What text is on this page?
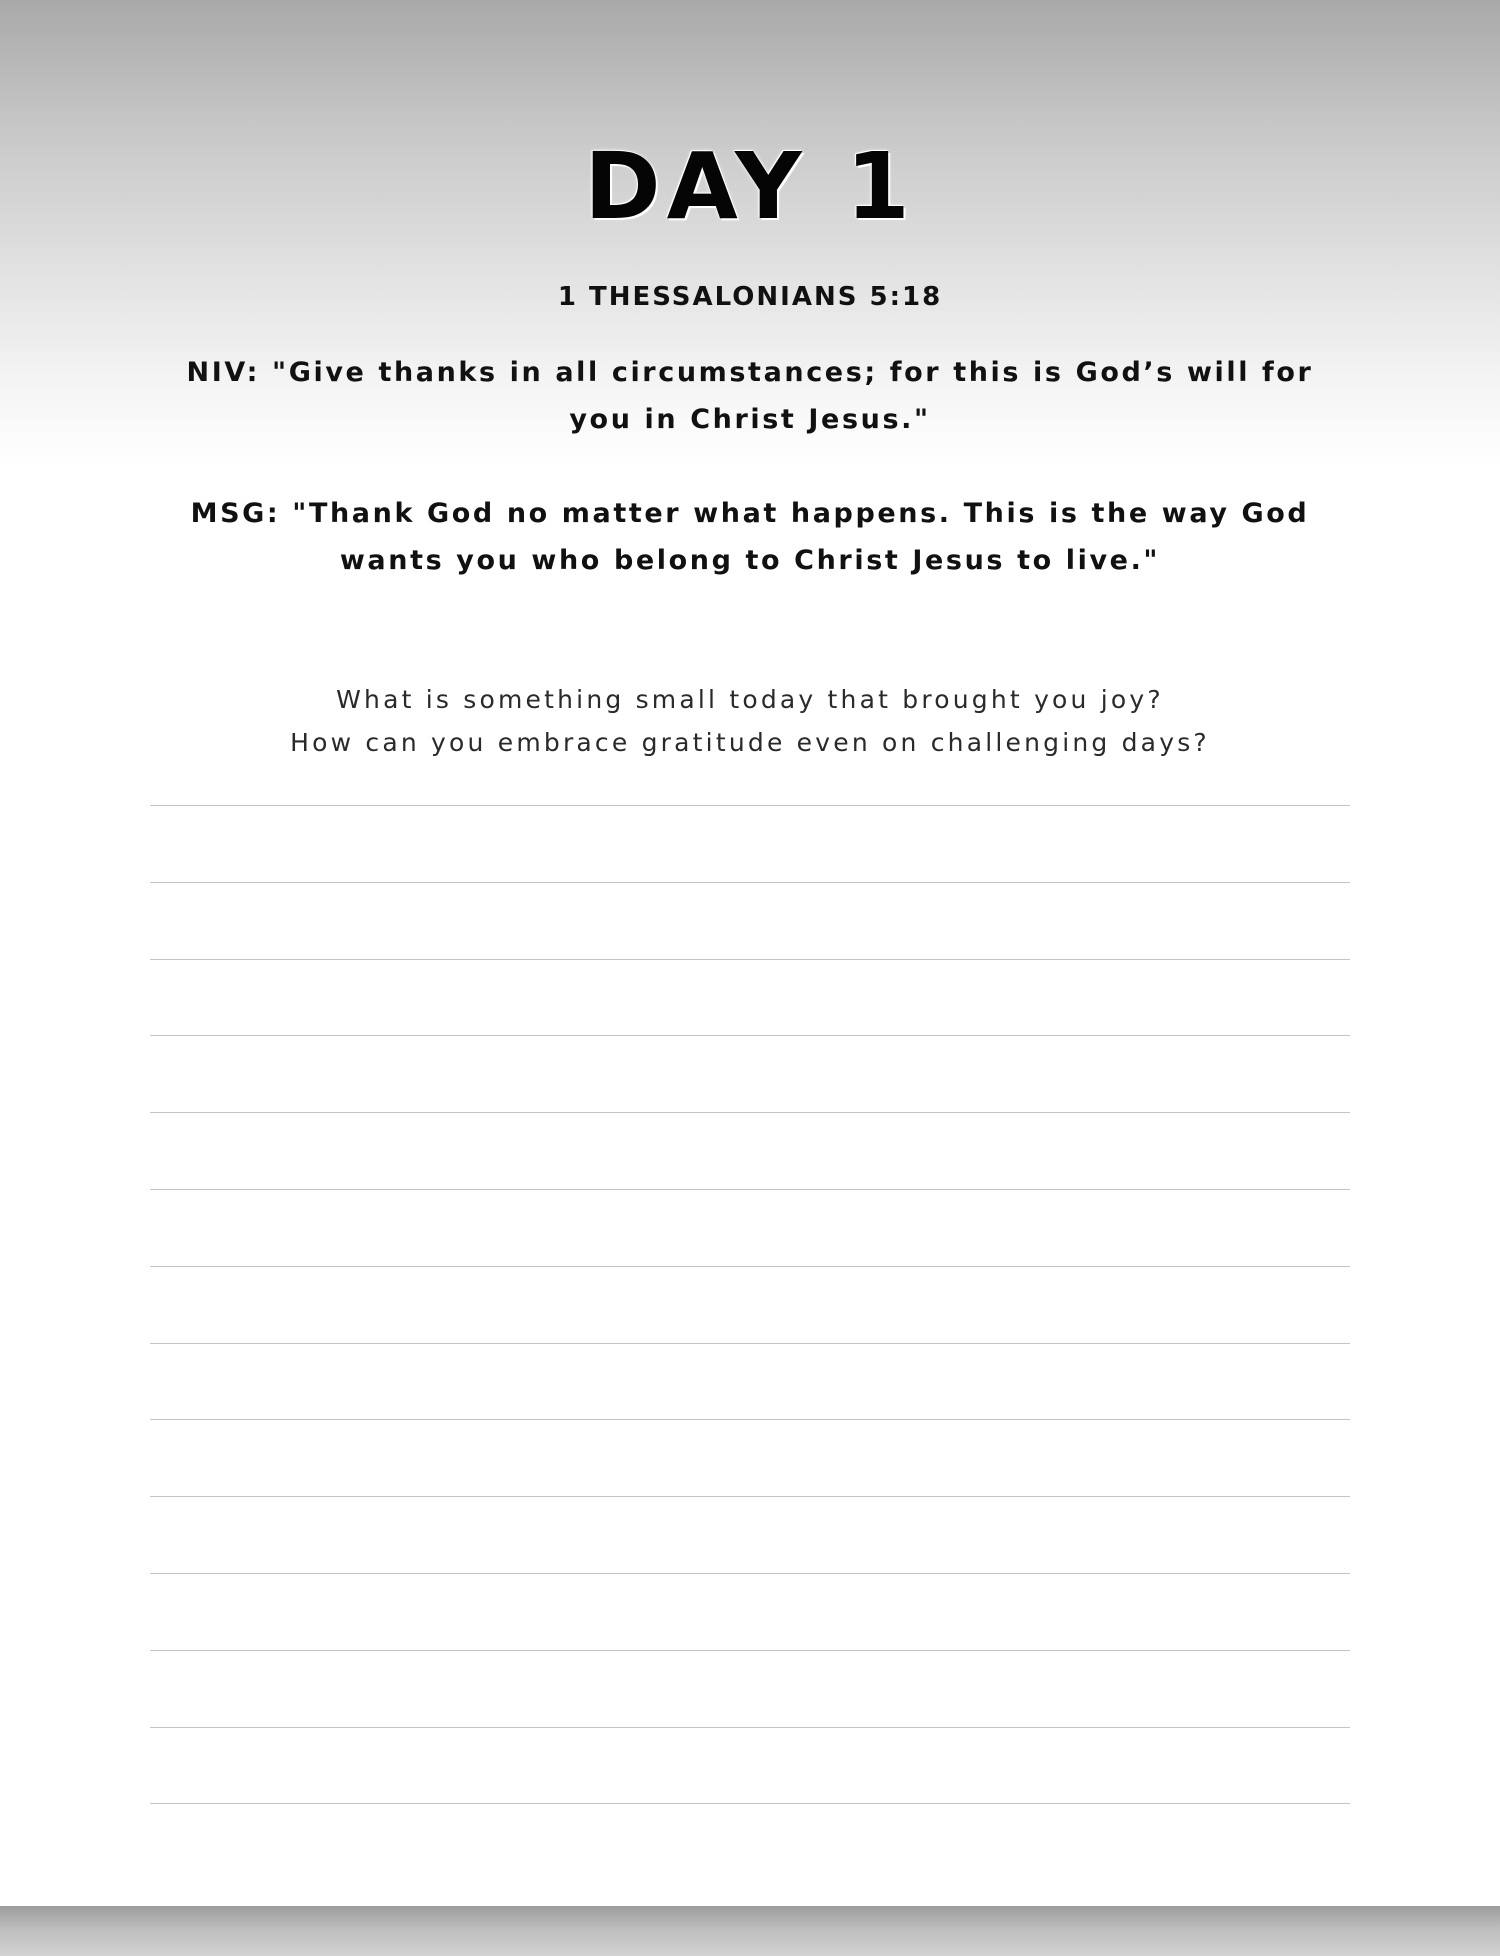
DAY 1
1 THESSALONIANS 5:18
NIV: "Give thanks in all circumstances; for this is God’s will for you in Christ Jesus."
MSG: "Thank God no matter what happens. This is the way God wants you who belong to Christ Jesus to live."
What is something small today that brought you joy?
How can you embrace gratitude even on challenging days?
